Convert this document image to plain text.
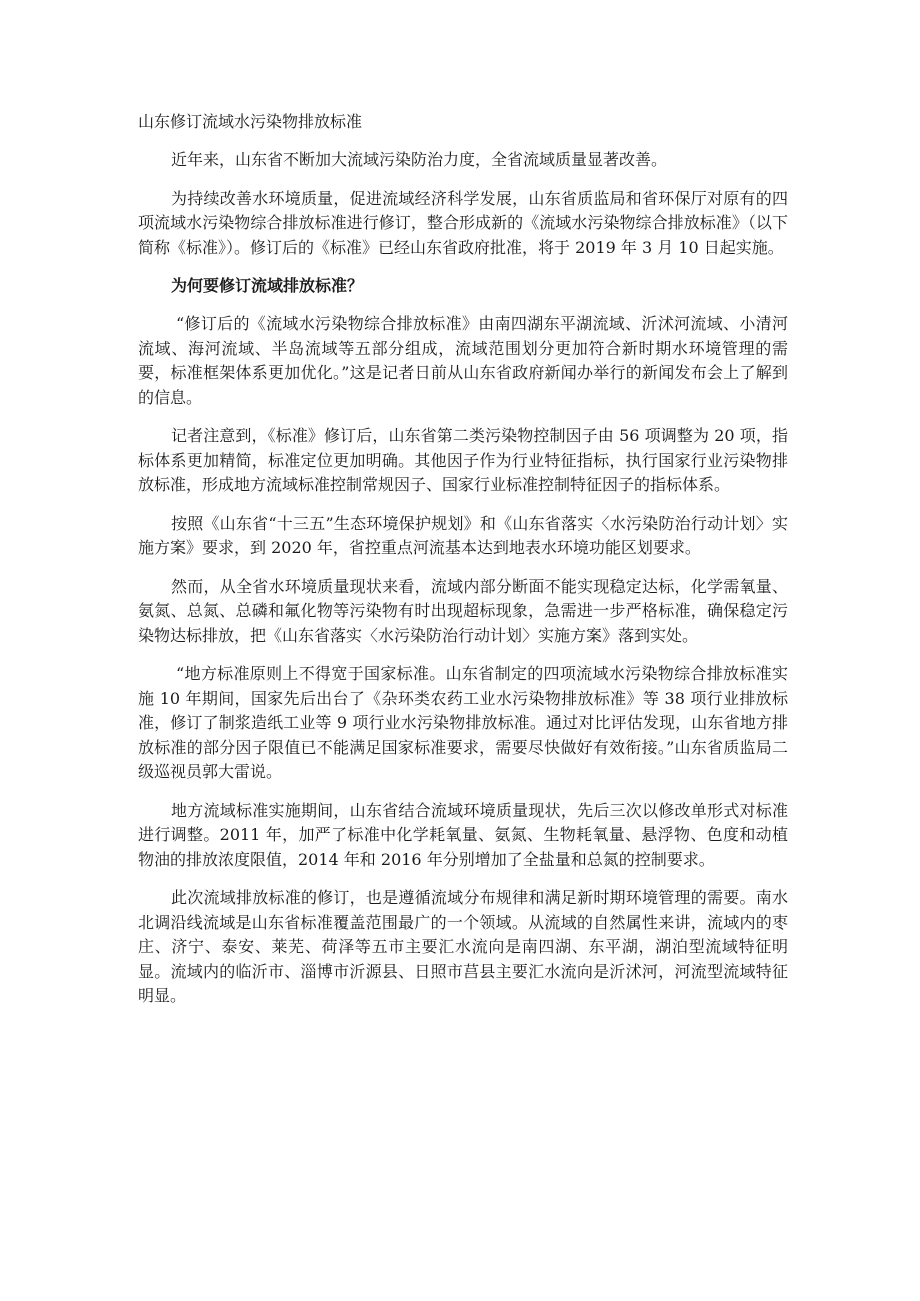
山东修订流域水污染物排放标准

近年来，山东省不断加大流域污染防治力度，全省流域质量显著改善。

为持续改善水环境质量，促进流域经济科学发展，山东省质监局和省环保厅对原有的四项流域水污染物综合排放标准进行修订，整合形成新的《流域水污染物综合排放标准》（以下简称《标准》）。修订后的《标准》已经山东省政府批准，将于 2019 年 3 月 10 日起实施。

为何要修订流域排放标准？

“修订后的《流域水污染物综合排放标准》由南四湖东平湖流域、沂沭河流域、小清河流域、海河流域、半岛流域等五部分组成，流域范围划分更加符合新时期水环境管理的需要，标准框架体系更加优化。”这是记者日前从山东省政府新闻办举行的新闻发布会上了解到的信息。

记者注意到，《标准》修订后，山东省第二类污染物控制因子由 56 项调整为 20 项，指标体系更加精简，标准定位更加明确。其他因子作为行业特征指标，执行国家行业污染物排放标准，形成地方流域标准控制常规因子、国家行业标准控制特征因子的指标体系。

按照《山东省“十三五”生态环境保护规划》和《山东省落实〈水污染防治行动计划〉实施方案》要求，到 2020 年，省控重点河流基本达到地表水环境功能区划要求。

然而，从全省水环境质量现状来看，流域内部分断面不能实现稳定达标，化学需氧量、氨氮、总氮、总磷和氟化物等污染物有时出现超标现象，急需进一步严格标准，确保稳定污染物达标排放，把《山东省落实〈水污染防治行动计划〉实施方案》落到实处。

“地方标准原则上不得宽于国家标准。山东省制定的四项流域水污染物综合排放标准实施 10 年期间，国家先后出台了《杂环类农药工业水污染物排放标准》等 38 项行业排放标准，修订了制浆造纸工业等 9 项行业水污染物排放标准。通过对比评估发现，山东省地方排放标准的部分因子限值已不能满足国家标准要求，需要尽快做好有效衔接。”山东省质监局二级巡视员郭大雷说。

地方流域标准实施期间，山东省结合流域环境质量现状，先后三次以修改单形式对标准进行调整。2011 年，加严了标准中化学耗氧量、氨氮、生物耗氧量、悬浮物、色度和动植物油的排放浓度限值，2014 年和 2016 年分别增加了全盐量和总氮的控制要求。

此次流域排放标准的修订，也是遵循流域分布规律和满足新时期环境管理的需要。南水北调沿线流域是山东省标准覆盖范围最广的一个领域。从流域的自然属性来讲，流域内的枣庄、济宁、泰安、莱芜、荷泽等五市主要汇水流向是南四湖、东平湖，湖泊型流域特征明显。流域内的临沂市、淄博市沂源县、日照市莒县主要汇水流向是沂沭河，河流型流域特征明显。
